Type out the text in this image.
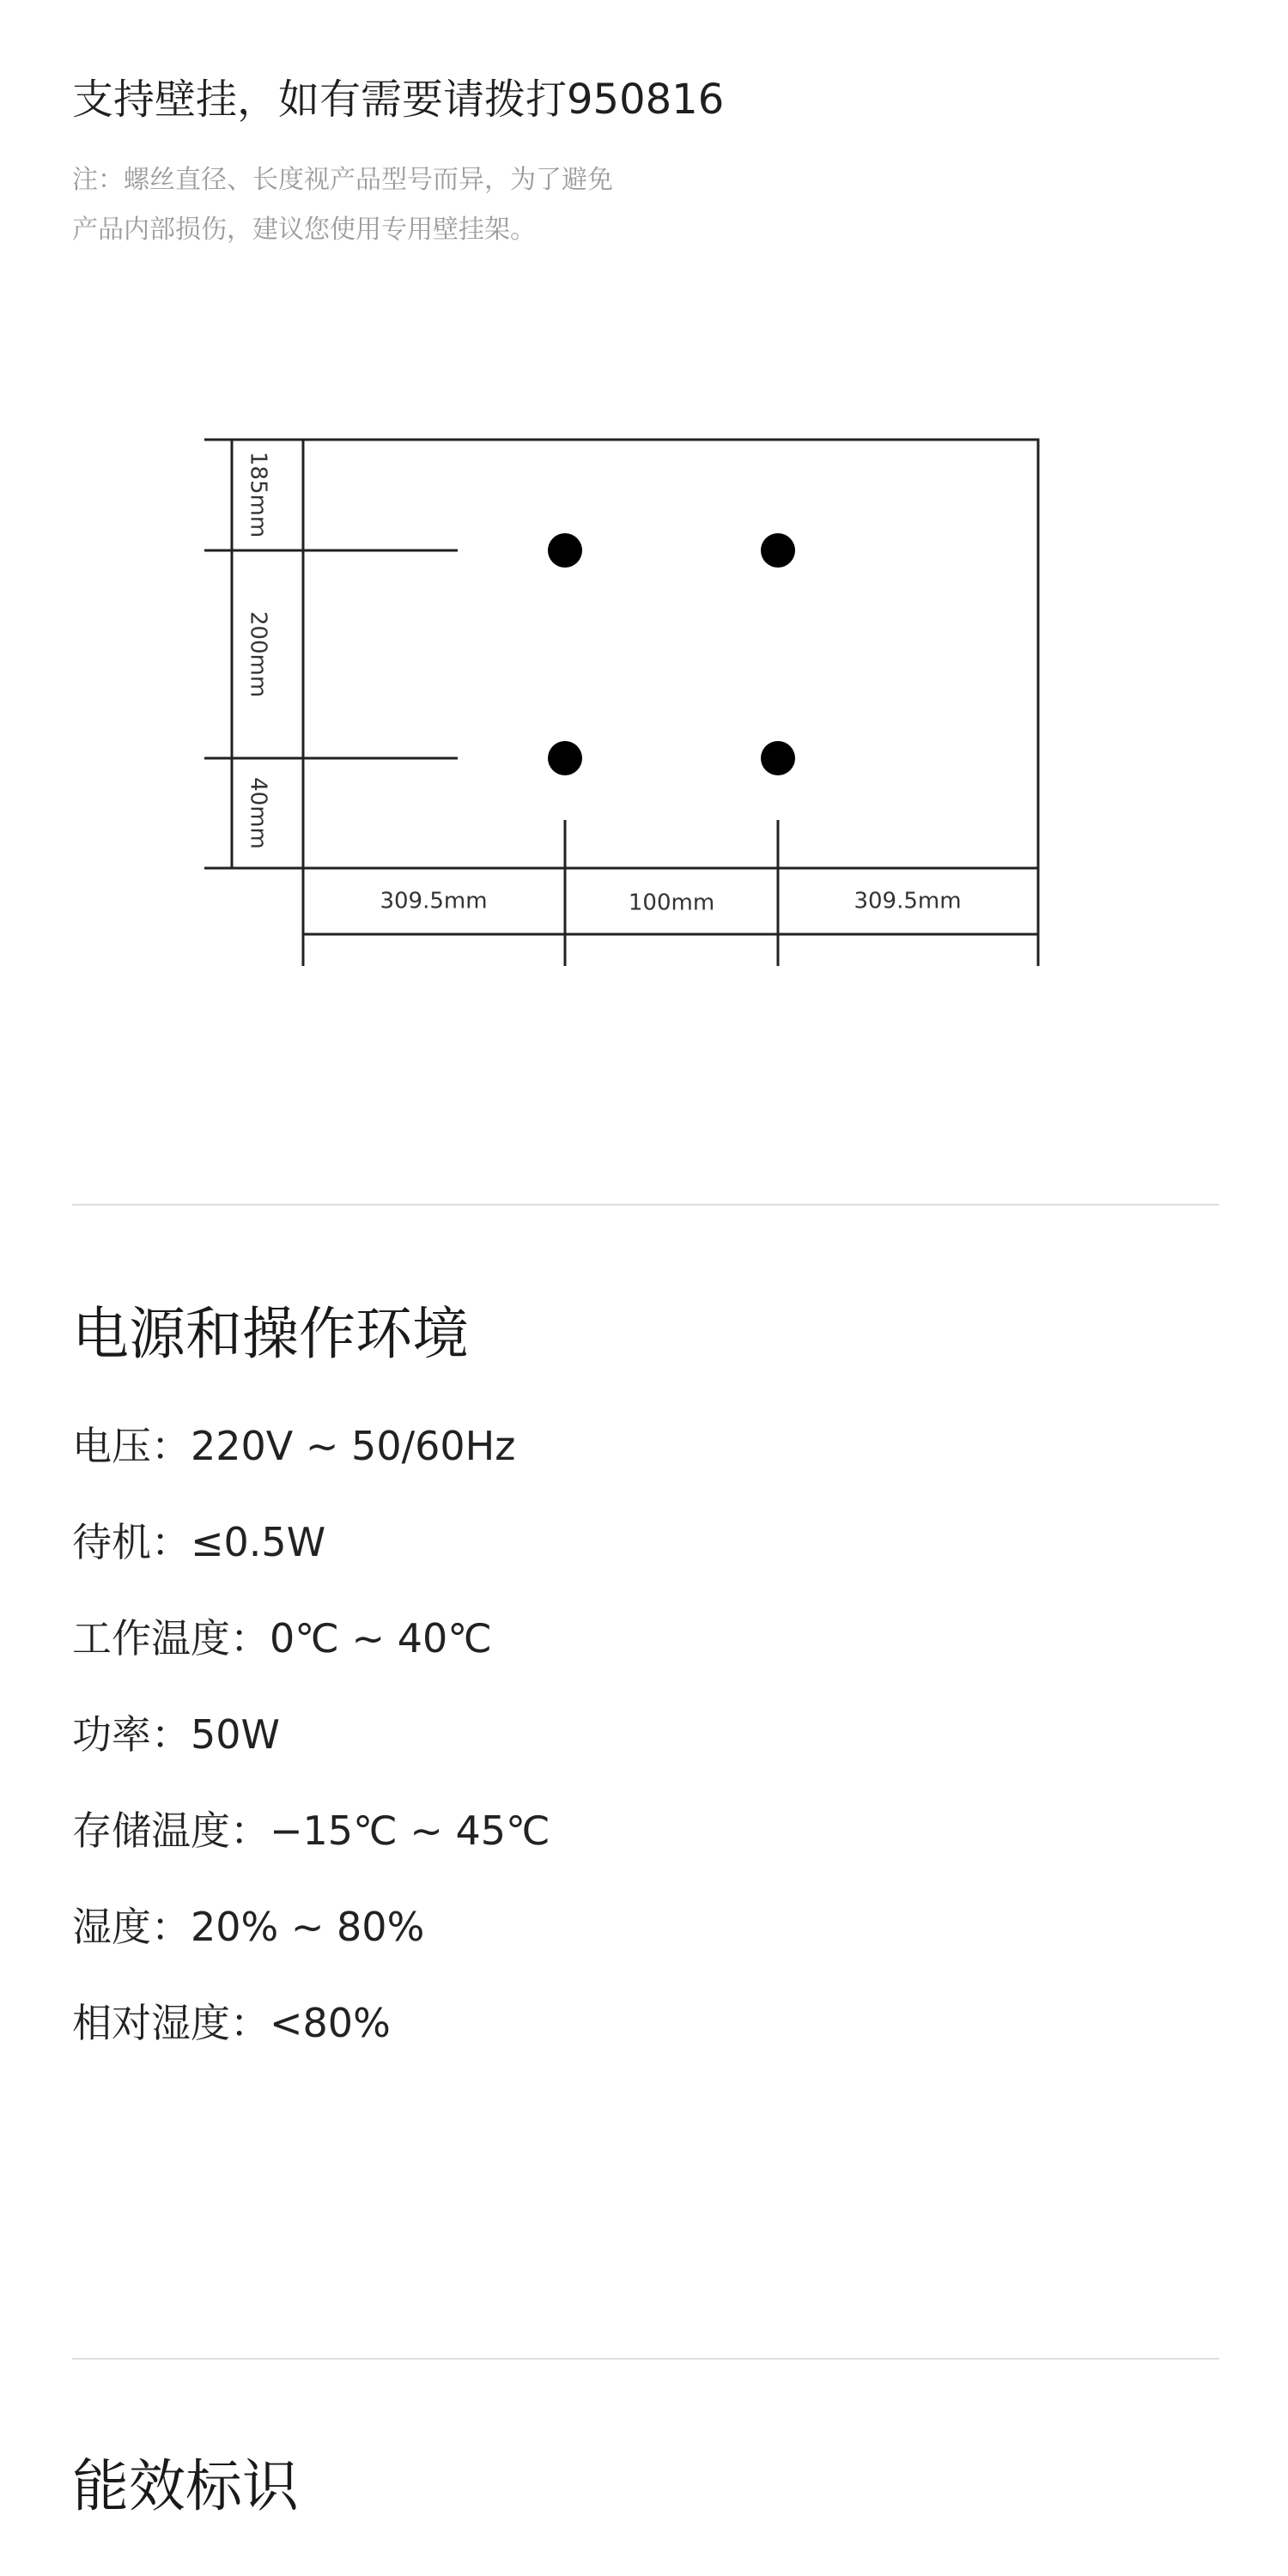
支持壁挂，如有需要请拨打950816
注：螺丝直径、长度视产品型号而异，为了避免
产品内部损伤，建议您使用专用壁挂架。
185mm
200mm
40mm
309.5mm	100mm	309.5mm
电源和操作环境
电压：220V ~ 50/60Hz
待机：≤0.5W
工作温度：0℃ ~ 40℃
功率：50W
存储温度：−15℃ ~ 45℃
湿度：20% ~ 80%
相对湿度：<80%
能效标识
